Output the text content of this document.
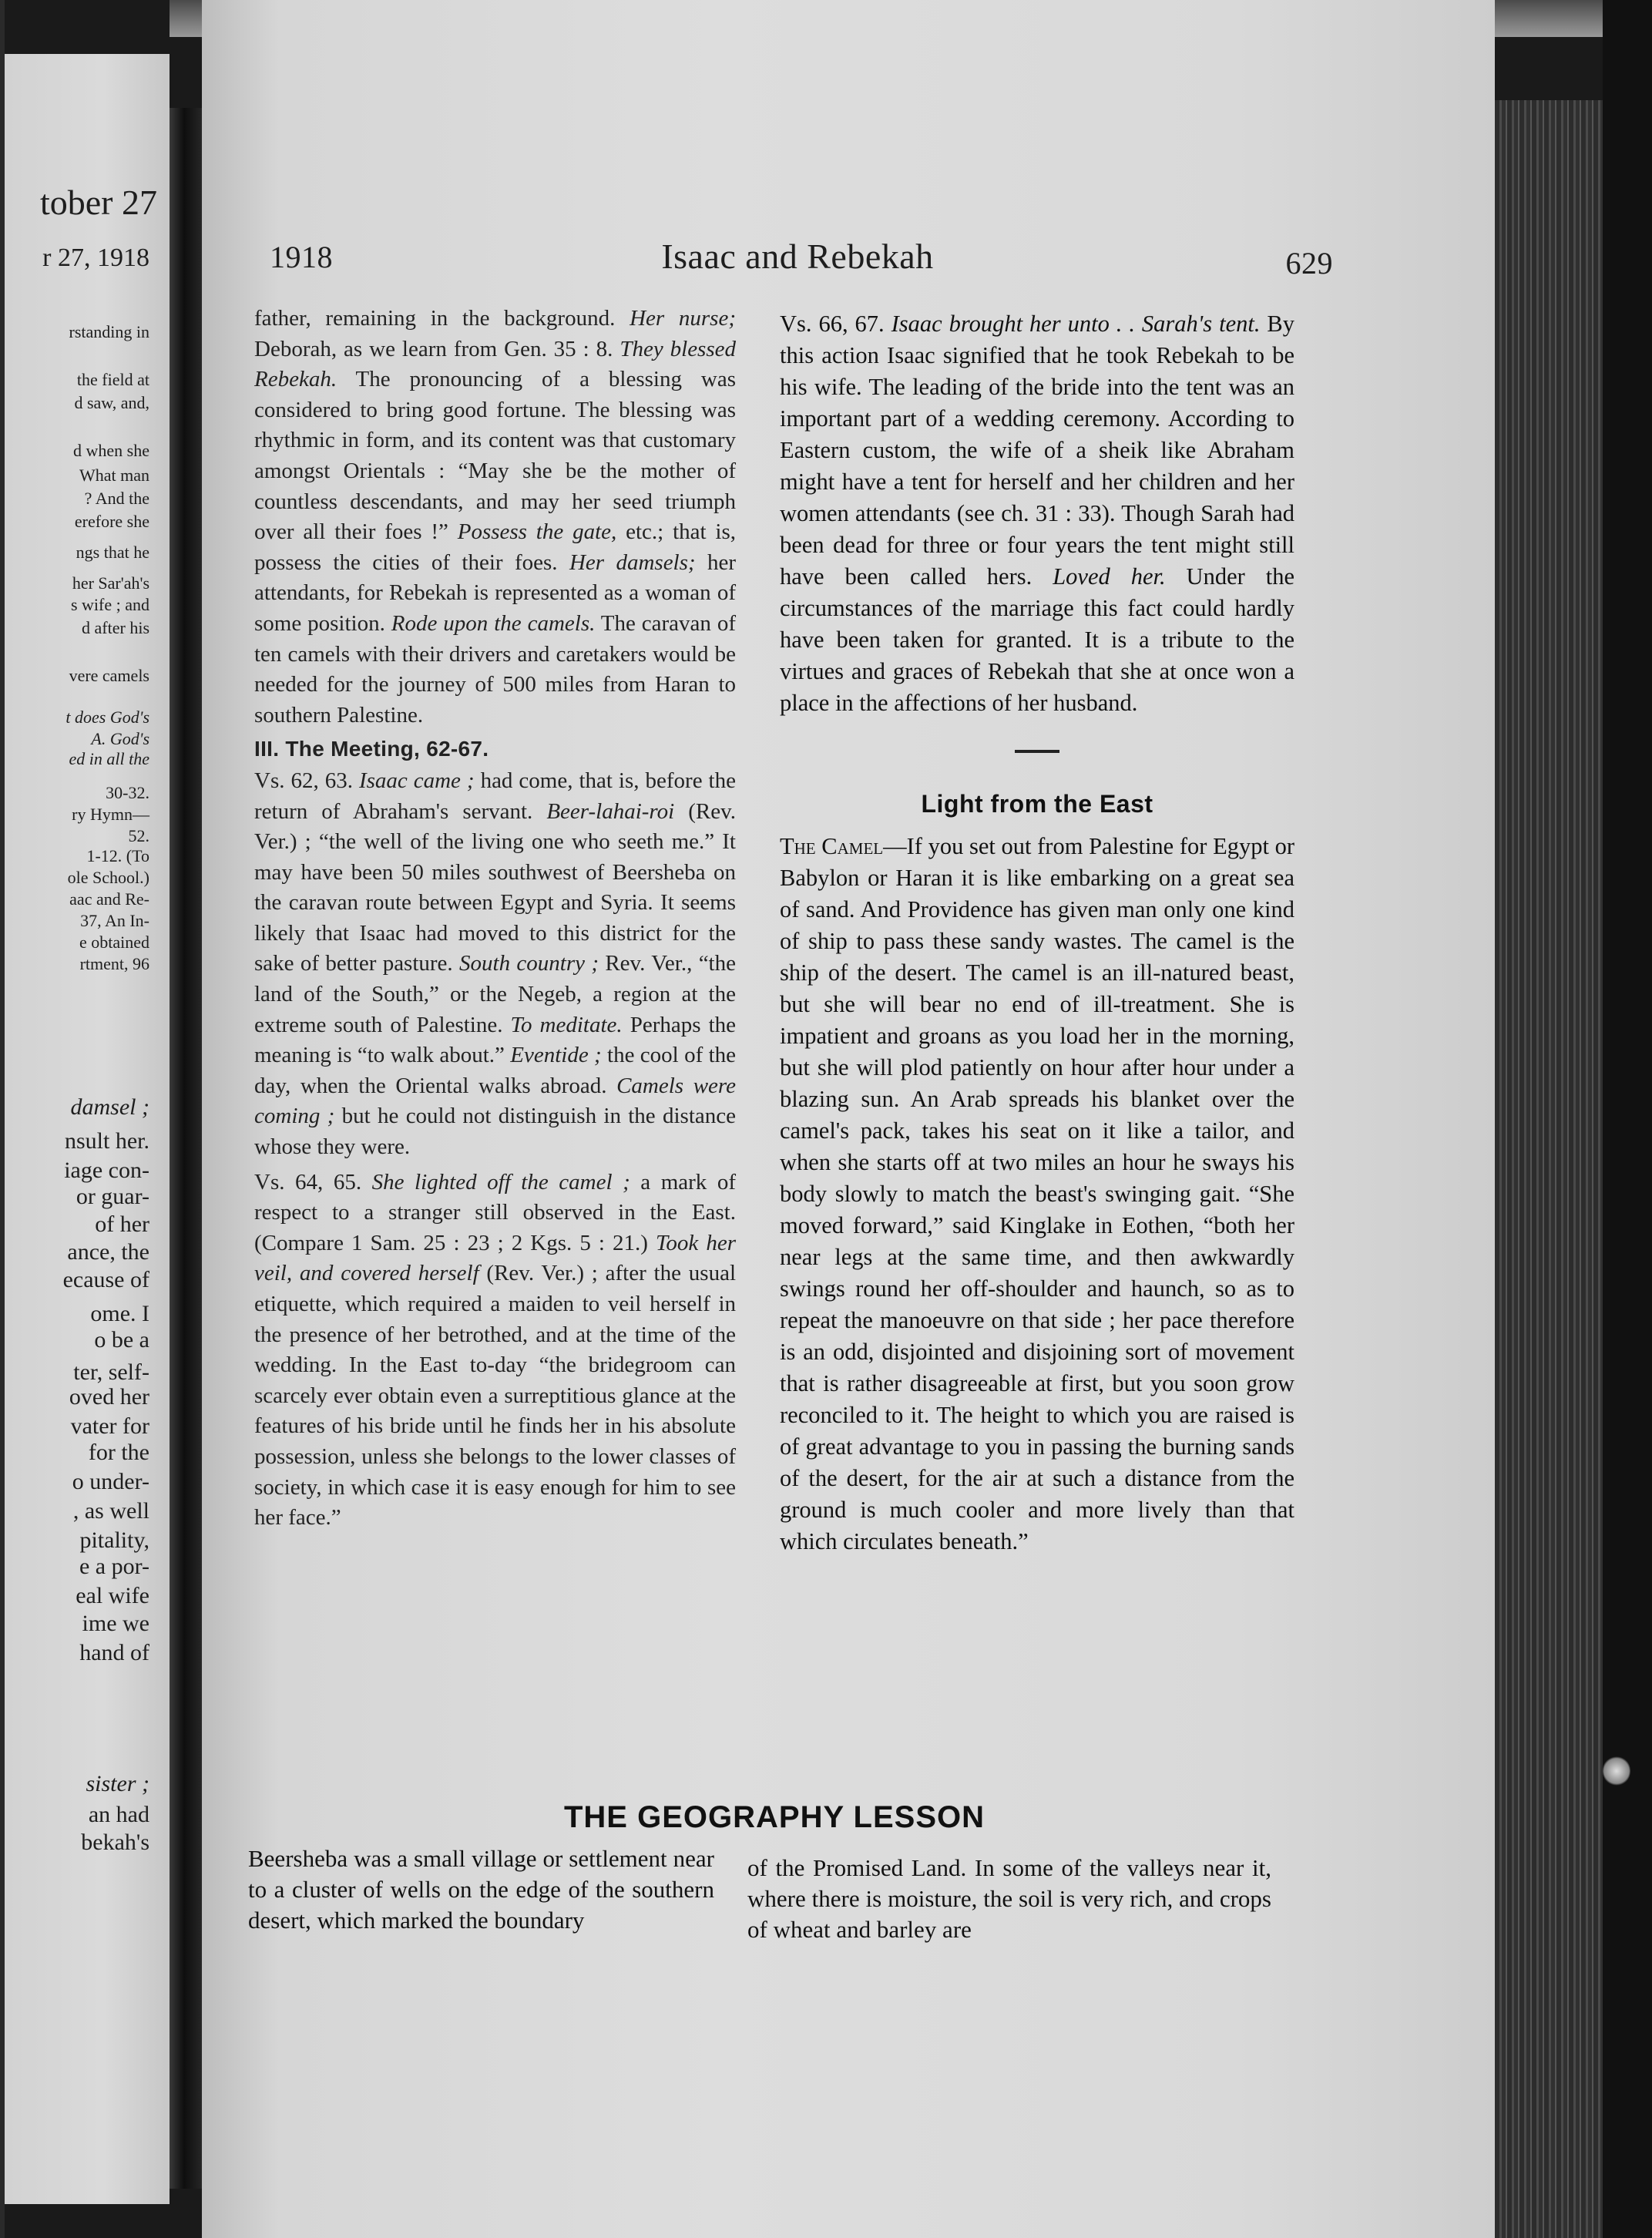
tober 27
r 27, 1918
rstanding in
the field at
d saw, and,
d when she
What man
? And the
erefore she
ngs that he
her Sar'ah's
s wife ; and
d after his
vere camels
t does God's
A. God's
ed in all the
30-32.
ry Hymn—
52.
1-12. (To
ole School.)
aac and Re-
37, An In-
e obtained
rtment, 96
damsel ;
nsult her.
iage con-
or guar-
of her
ance, the
ecause of
ome. I
o be a
ter, self-
oved her
vater for
for the
o under-
, as well
pitality,
e a por-
eal wife
ime we
hand of
sister ;
an had
bekah's
1918	Isaac and Rebekah	629

father, remaining in the background. Her nurse; Deborah, as we learn from Gen. 35 : 8. They blessed Rebekah. The pronouncing of a blessing was considered to bring good fortune. The blessing was rhythmic in form, and its content was that customary amongst Orientals : “May she be the mother of countless descendants, and may her seed triumph over all their foes !” Possess the gate, etc.; that is, possess the cities of their foes. Her damsels; her attendants, for Rebekah is represented as a woman of some position. Rode upon the camels. The caravan of ten camels with their drivers and caretakers would be needed for the journey of 500 miles from Haran to southern Palestine.

III. The Meeting, 62-67.

Vs. 62, 63. Isaac came ; had come, that is, before the return of Abraham's servant. Beer-lahai-roi (Rev. Ver.) ; “the well of the living one who seeth me.” It may have been 50 miles southwest of Beersheba on the caravan route between Egypt and Syria. It seems likely that Isaac had moved to this district for the sake of better pasture. South country ; Rev. Ver., “the land of the South,” or the Negeb, a region at the extreme south of Palestine. To meditate. Perhaps the meaning is “to walk about.” Eventide ; the cool of the day, when the Oriental walks abroad. Camels were coming ; but he could not distinguish in the distance whose they were.

Vs. 64, 65. She lighted off the camel ; a mark of respect to a stranger still observed in the East. (Compare 1 Sam. 25 : 23 ; 2 Kgs. 5 : 21.) Took her veil, and covered herself (Rev. Ver.) ; after the usual etiquette, which required a maiden to veil herself in the presence of her betrothed, and at the time of the wedding. In the East to-day “the bridegroom can scarcely ever obtain even a surreptitious glance at the features of his bride until he finds her in his absolute possession, unless she belongs to the lower classes of society, in which case it is easy enough for him to see her face.”

Vs. 66, 67. Isaac brought her unto . . Sarah's tent. By this action Isaac signified that he took Rebekah to be his wife. The leading of the bride into the tent was an important part of a wedding ceremony. According to Eastern custom, the wife of a sheik like Abraham might have a tent for herself and her children and her women attendants (see ch. 31 : 33). Though Sarah had been dead for three or four years the tent might still have been called hers. Loved her. Under the circumstances of the marriage this fact could hardly have been taken for granted. It is a tribute to the virtues and graces of Rebekah that she at once won a place in the affections of her husband.

Light from the East

The Camel—If you set out from Palestine for Egypt or Babylon or Haran it is like embarking on a great sea of sand. And Providence has given man only one kind of ship to pass these sandy wastes. The camel is the ship of the desert. The camel is an ill-natured beast, but she will bear no end of ill-treatment. She is impatient and groans as you load her in the morning, but she will plod patiently on hour after hour under a blazing sun. An Arab spreads his blanket over the camel's pack, takes his seat on it like a tailor, and when she starts off at two miles an hour he sways his body slowly to match the beast's swinging gait. “She moved forward,” said Kinglake in Eothen, “both her near legs at the same time, and then awkwardly swings round her off-shoulder and haunch, so as to repeat the manoeuvre on that side ; her pace therefore is an odd, disjointed and disjoining sort of movement that is rather disagreeable at first, but you soon grow reconciled to it. The height to which you are raised is of great advantage to you in passing the burning sands of the desert, for the air at such a distance from the ground is much cooler and more lively than that which circulates beneath.”

THE GEOGRAPHY LESSON
Beersheba was a small village or settlement near to a cluster of wells on the edge of the southern desert, which marked the boundary
of the Promised Land. In some of the valleys near it, where there is moisture, the soil is very rich, and crops of wheat and barley are
